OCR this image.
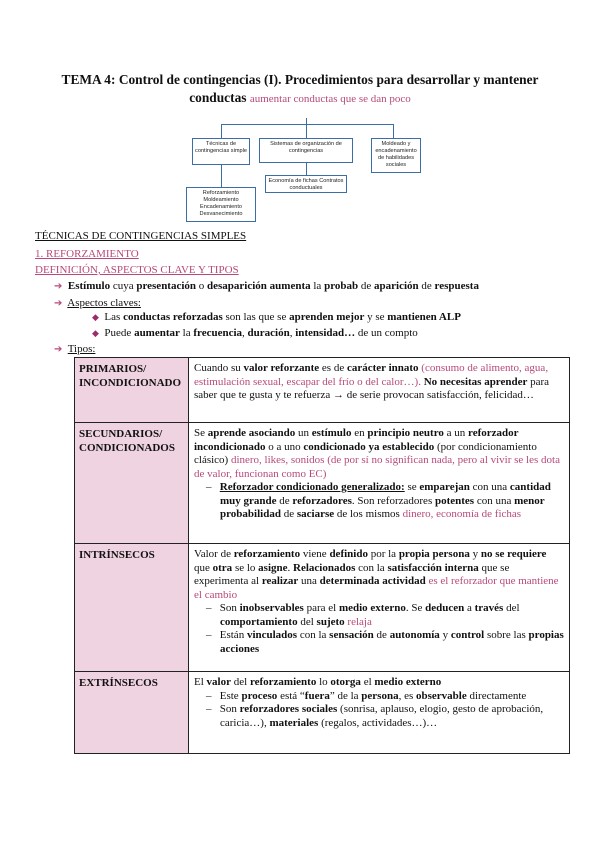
TEMA 4: Control de contingencias (I). Procedimientos para desarrollar y mantener
conductas aumentar conductas que se dan poco
Técnicas de contingencias simple
Sistemas de organización de contingencias
Moldeado y encadenamiento de habilidades sociales
Reforzamiento Moldeamiento Encadenamiento Desvanecimiento
Economía de fichas Contratos conductuales
TÉCNICAS DE CONTINGENCIAS SIMPLES
1. REFORZAMIENTO
DEFINICIÓN, ASPECTOS CLAVE Y TIPOS
➔ Estímulo cuya presentación o desaparición aumenta la probab de aparición de respuesta
➔ Aspectos claves:
◆ Las conductas reforzadas son las que se aprenden mejor y se mantienen ALP
◆ Puede aumentar la frecuencia, duración, intensidad… de un compto
➔ Tipos:
PRIMARIOS/ INCONDICIONADO	Cuando su valor reforzante es de carácter innato (consumo de alimento, agua, estimulación sexual, escapar del frío o del calor…). No necesitas aprender para saber que te gusta y te refuerza → de serie provocan satisfacción, felicidad…
SECUNDARIOS/ CONDICIONADOS	Se aprende asociando un estímulo en principio neutro a un reforzador incondicionado o a uno condicionado ya establecido (por condicionamiento clásico) dinero, likes, sonidos (de por sí no significan nada, pero al vivir se les dota de valor, funcionan como EC)
–   Reforzador condicionado generalizado: se emparejan con una cantidad muy grande de reforzadores. Son reforzadores potentes con una menor probabilidad de saciarse de los mismos dinero, economía de fichas

INTRÍNSECOS	Valor de reforzamiento viene definido por la propia persona y no se requiere que otra se lo asigne. Relacionados con la satisfacción interna que se experimenta al realizar una determinada actividad es el reforzador que mantiene el cambio
–   Son inobservables para el medio externo. Se deducen a través del comportamiento del sujeto relaja
–   Están vinculados con la sensación de autonomía y control sobre las propias acciones

EXTRÍNSECOS	El valor del reforzamiento lo otorga el medio externo
–   Este proceso está “fuera” de la persona, es observable directamente
–   Son reforzadores sociales (sonrisa, aplauso, elogio, gesto de aprobación, caricia…), materiales (regalos, actividades…)…
